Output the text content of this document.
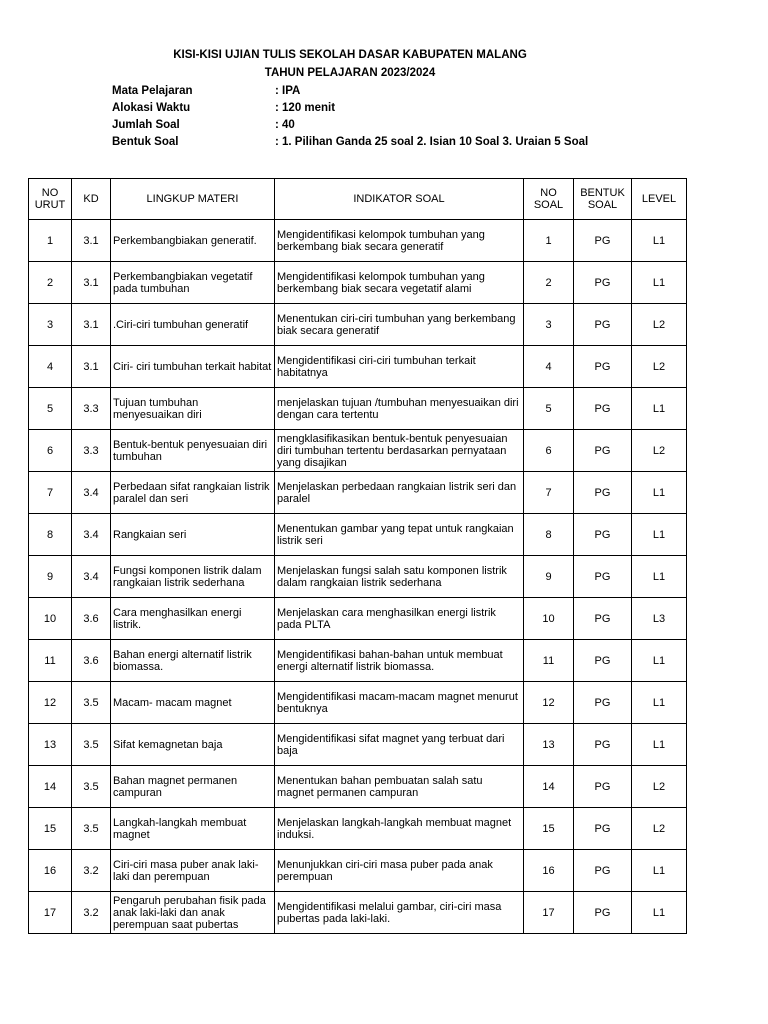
KISI-KISI UJIAN TULIS SEKOLAH DASAR KABUPATEN MALANG
TAHUN PELAJARAN 2023/2024
Mata Pelajaran	: IPA
Alokasi Waktu	: 120 menit
Jumlah Soal	: 40
Bentuk Soal	: 1. Pilihan Ganda 25 soal 2. Isian 10 Soal 3. Uraian 5 Soal
NO URUT	KD	LINGKUP MATERI	INDIKATOR SOAL	NO SOAL	BENTUK SOAL	LEVEL
1	3.1	Perkembangbiakan generatif.	Mengidentifikasi kelompok tumbuhan yang berkembang biak secara generatif	1	PG	L1
2	3.1	Perkembangbiakan vegetatif pada tumbuhan	Mengidentifikasi kelompok tumbuhan yang berkembang biak secara vegetatif alami	2	PG	L1
3	3.1	.Ciri-ciri tumbuhan generatif	Menentukan ciri-ciri tumbuhan yang berkembang biak secara generatif	3	PG	L2
4	3.1	Ciri- ciri tumbuhan terkait habitat	Mengidentifikasi ciri-ciri tumbuhan terkait habitatnya	4	PG	L2
5	3.3	Tujuan tumbuhan menyesuaikan diri	menjelaskan tujuan /tumbuhan menyesuaikan diri dengan cara tertentu	5	PG	L1
6	3.3	Bentuk-bentuk penyesuaian diri tumbuhan	mengklasifikasikan bentuk-bentuk penyesuaian diri tumbuhan tertentu berdasarkan pernyataan yang disajikan	6	PG	L2
7	3.4	Perbedaan sifat rangkaian listrik paralel dan seri	Menjelaskan perbedaan rangkaian listrik seri dan paralel	7	PG	L1
8	3.4	Rangkaian seri	Menentukan gambar yang tepat untuk rangkaian listrik seri	8	PG	L1
9	3.4	Fungsi komponen listrik dalam rangkaian listrik sederhana	Menjelaskan fungsi salah satu komponen listrik dalam rangkaian listrik sederhana	9	PG	L1
10	3.6	Cara menghasilkan energi listrik.	Menjelaskan cara menghasilkan energi listrik pada PLTA	10	PG	L3
11	3.6	Bahan energi alternatif listrik biomassa.	Mengidentifikasi bahan-bahan untuk membuat energi alternatif listrik biomassa.	11	PG	L1
12	3.5	Macam- macam magnet	Mengidentifikasi macam-macam magnet menurut bentuknya	12	PG	L1
13	3.5	Sifat kemagnetan baja	Mengidentifikasi sifat magnet yang terbuat dari baja	13	PG	L1
14	3.5	Bahan magnet permanen campuran	Menentukan bahan pembuatan salah satu magnet permanen campuran	14	PG	L2
15	3.5	Langkah-langkah membuat magnet	Menjelaskan langkah-langkah membuat magnet induksi.	15	PG	L2
16	3.2	Ciri-ciri masa puber anak laki-laki dan perempuan	Menunjukkan ciri-ciri masa puber pada anak perempuan	16	PG	L1
17	3.2	Pengaruh perubahan fisik pada anak laki-laki dan anak perempuan saat pubertas	Mengidentifikasi melalui gambar, ciri-ciri masa pubertas pada laki-laki.	17	PG	L1
